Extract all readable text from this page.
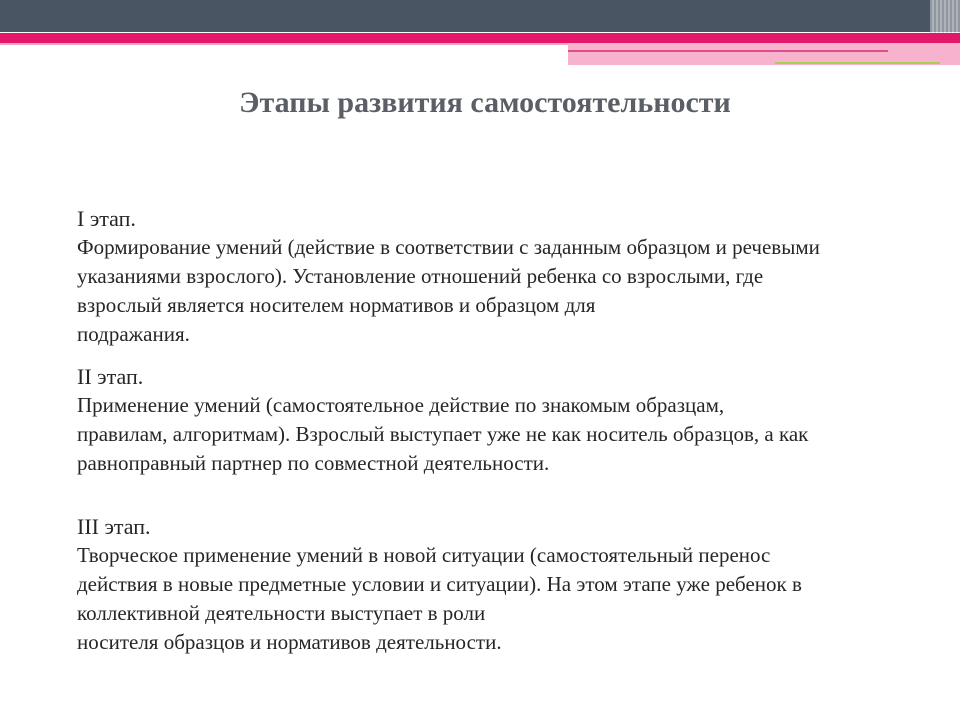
Этапы развития самостоятельности
I этап.
Формирование умений (действие в соответствии с заданным образцом и речевыми
указаниями взрослого). Установление отношений ребенка со взрослыми, где
взрослый является носителем нормативов и образцом для
подражания.
II этап.
Применение умений (самостоятельное действие по знакомым образцам,
правилам, алгоритмам). Взрослый выступает уже не как носитель образцов, а как
равноправный партнер по совместной деятельности.
III этап.
Творческое применение умений в новой ситуации (самостоятельный перенос
действия в новые предметные условии и ситуации). На этом этапе уже ребенок в
коллективной деятельности выступает в роли
носителя образцов и нормативов деятельности.
